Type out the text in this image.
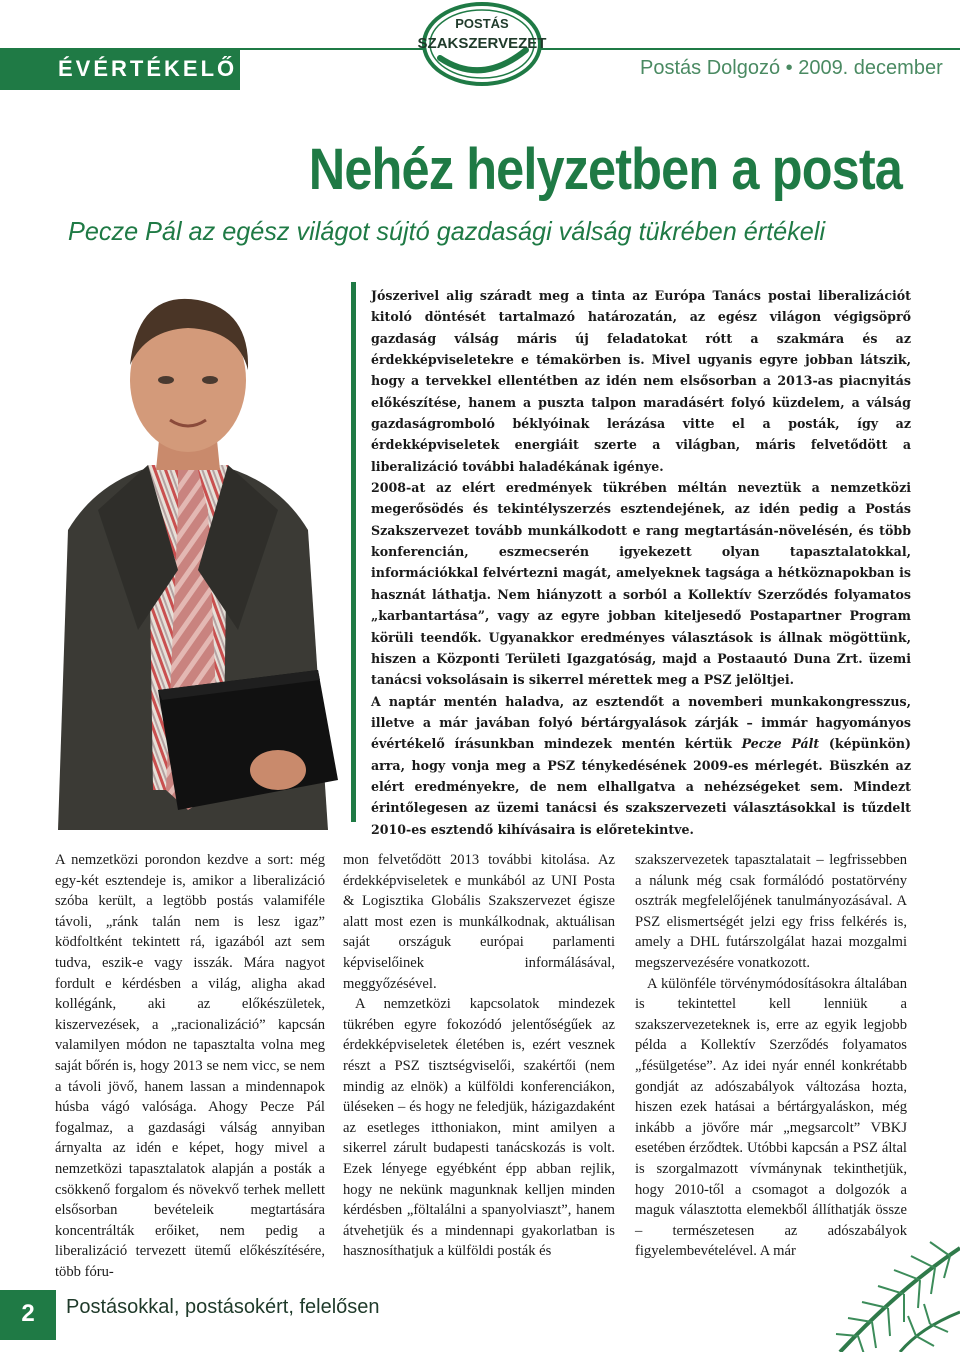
ÉVÉRTÉKELŐ
POSTÁS
SZAKSZERVEZET
Postás Dolgozó • 2009. december
Nehéz helyzetben a posta
Pecze Pál az egész világot sújtó gazdasági válság tükrében értékeli

Jószerivel alig száradt meg a tinta az Európa Tanács postai liberalizációt kitoló döntését tartalmazó határozatán, az egész világon végigsöprő gazdaság válság máris új feladatokat rótt a szakmára és az érdekképviseletekre e témakörben is. Mivel ugyanis egyre jobban látszik, hogy a tervekkel ellentétben az idén nem elsősorban a 2013-as piacnyitás előkészítése, hanem a puszta talpon maradásért folyó küzdelem, a válság gazdaságromboló béklyóinak lerázása vitte el a posták, így az érdekképviseletek energiáit szerte a világban, máris felvetődött a liberalizáció további haladékának igénye.

2008-at az elért eredmények tükrében méltán neveztük a nemzetközi megerősödés és tekintélyszerzés esztendejének, az idén pedig a Postás Szakszervezet tovább munkálkodott e rang megtartásán-növelésén, és több konferencián, eszmecserén igyekezett olyan tapasztalatokkal, információkkal felvértezni magát, amelyeknek tagsága a hétköznapokban is hasznát láthatja. Nem hiányzott a sorból a Kollektív Szerződés folyamatos „karbantartása”, vagy az egyre jobban kiteljesedő Postapartner Program körüli teendők. Ugyanakkor eredményes választások is állnak mögöttünk, hiszen a Központi Területi Igazgatóság, majd a Postaautó Duna Zrt. üzemi tanácsi voksolásain is sikerrel mérettek meg a PSZ jelöltjei.

A naptár mentén haladva, az esztendőt a novemberi munkakongresszus, illetve a már javában folyó bértárgyalások zárják – immár hagyományos évértékelő írásunkban mindezek mentén kértük Pecze Pált (képünkön) arra, hogy vonja meg a PSZ ténykedésének 2009-es mérlegét. Büszkén az elért eredményekre, de nem elhallgatva a nehézségeket sem. Mindezt érintőlegesen az üzemi tanácsi és szakszervezeti választásokkal is tűzdelt 2010-es esztendő kihívásaira is előretekintve.

A nemzetközi porondon kezdve a sort: még egy-két esztendeje is, amikor a liberalizáció szóba került, a legtöbb postás valamiféle távoli, „ránk talán nem is lesz igaz” ködfoltként tekintett rá, igazából azt sem tudva, eszik-e vagy isszák. Mára nagyot fordult e kérdésben a világ, aligha akad kollégánk, aki az előkészületek, kiszervezések, a „racionalizáció” kapcsán valamilyen módon ne tapasztalta volna meg saját bőrén is, hogy 2013 se nem vicc, se nem a távoli jövő, hanem lassan a mindennapok húsba vágó valósága. Ahogy Pecze Pál fogalmaz, a gazdasági válság annyiban árnyalta az idén e képet, hogy mivel a nemzetközi tapasztalatok alapján a posták a csökkenő forgalom és növekvő terhek mellett elsősorban bevételeik megtartására koncentrálták erőiket, nem pedig a liberalizáció tervezett ütemű előkészítésére, több fóru-

mon felvetődött 2013 további kitolása. Az érdekképviseletek e munkából az UNI Posta & Logisztika Globális Szakszervezet égisze alatt most ezen is munkálkodnak, aktuálisan saját országuk európai parlamenti képviselőinek informálásával, meggyőzésével.

A nemzetközi kapcsolatok mindezek tükrében egyre fokozódó jelentőségűek az érdekképviseletek életében is, ezért vesznek részt a PSZ tisztségviselői, szakértői (nem mindig az elnök) a külföldi konferenciákon, üléseken – és hogy ne feledjük, házigazdaként az esetleges itthoniakon, mint amilyen a sikerrel zárult budapesti tanácskozás is volt. Ezek lényege egyébként épp abban rejlik, hogy ne nekünk magunknak kelljen minden kérdésben „föltalálni a spanyolviaszt”, hanem átvehetjük és a mindennapi gyakorlatban is hasznosíthatjuk a külföldi posták és

szakszervezetek tapasztalatait – legfrissebben a nálunk még csak formálódó postatörvény osztrák megfelelőjének tanulmányozásával. A PSZ elismertségét jelzi egy friss felkérés is, amely a DHL futárszolgálat hazai mozgalmi megszervezésére vonatkozott.

A különféle törvénymódosításokra általában is tekintettel kell lenniük a szakszervezeteknek is, erre az egyik legjobb példa a Kollektív Szerződés folyamatos „fésülgetése”. Az idei nyár ennél konkrétabb gondját az adószabályok változása hozta, hiszen ezek hatásai a bértárgyaláskon, még inkább a jövőre már „megsarcolt” VBKJ esetében érződtek. Utóbbi kapcsán a PSZ által is szorgalmazott vívmánynak tekinthetjük, hogy 2010-től a csomagot a dolgozók a maguk választotta elemekből állíthatják össze – természetesen az adószabályok figyelembevételével. A már

2	Postásokkal, postásokért, felelősen
